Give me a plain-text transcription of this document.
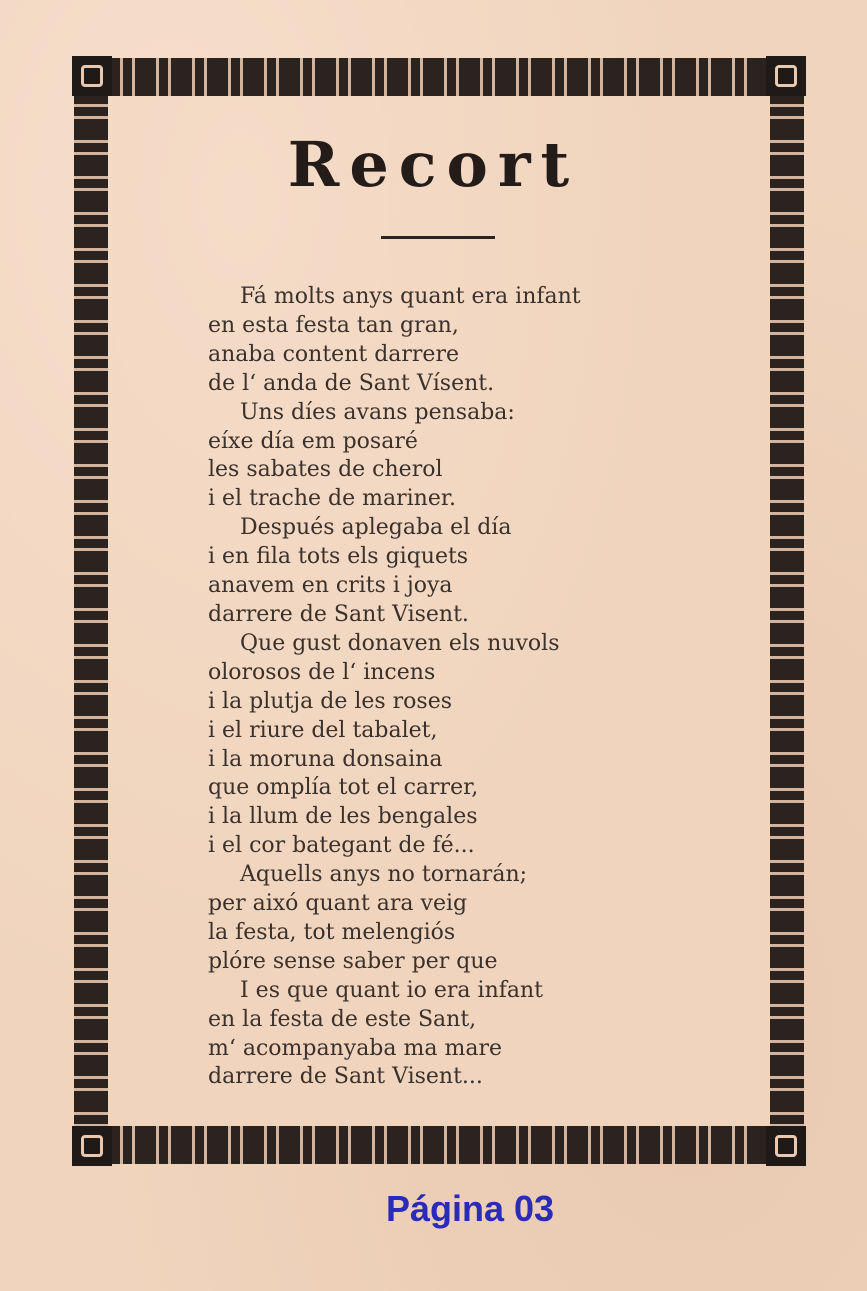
Recort
Fá molts anys quant era infant
en esta festa tan gran,
anaba content darrere
de l‘ anda de Sant Vísent.
Uns díes avans pensaba:
eíxe día em posaré
les sabates de cherol
i el trache de mariner.
Después aplegaba el día
i en fila tots els giquets
anavem en crits i joya
darrere de Sant Visent.
Que gust donaven els nuvols
olorosos de l‘ incens
i la plutja de les roses
i el riure del tabalet,
i la moruna donsaina
que omplía tot el carrer,
i la llum de les bengales
i el cor bategant de fé...
Aquells anys no tornarán;
per aixó quant ara veig
la festa, tot melengiós
plóre sense saber per que
I es que quant io era infant
en la festa de este Sant,
m‘ acompanyaba ma mare
darrere de Sant Visent...

Página 03
